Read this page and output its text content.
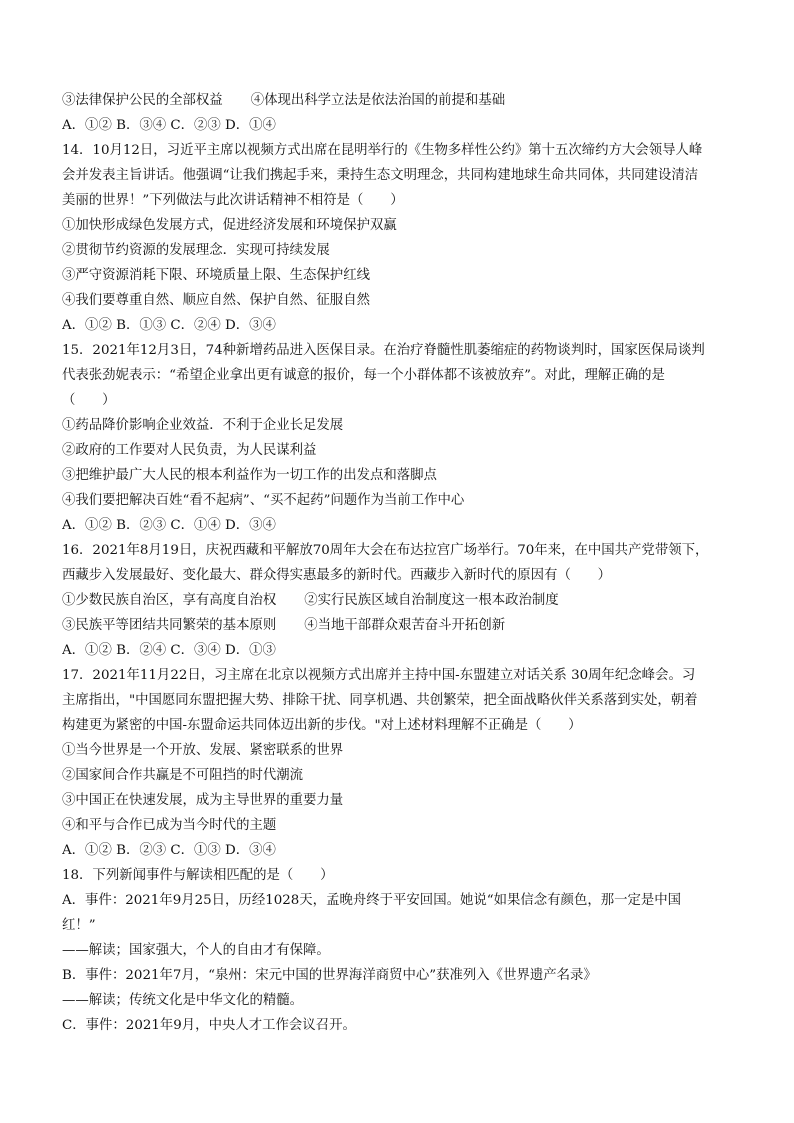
③法律保护公民的全部权益 ④体现出科学立法是依法治国的前提和基础
A．①② B．③④ C．②③ D．①④
14．10月12日，习近平主席以视频方式出席在昆明举行的《生物多样性公约》第十五次缔约方大会领导人峰
会并发表主旨讲话。他强调“让我们携起手来，秉持生态文明理念，共同构建地球生命共同体，共同建设清洁
美丽的世界！”下列做法与此次讲话精神不相符是（　　）
①加快形成绿色发展方式，促进经济发展和环境保护双赢
②贯彻节约资源的发展理念．实现可持续发展
③严守资源消耗下限、环境质量上限、生态保护红线
④我们要尊重自然、顺应自然、保护自然、征服自然
A．①② B．①③ C．②④ D．③④
15．2021年12月3日，74种新增药品进入医保目录。在治疗脊髓性肌萎缩症的药物谈判时，国家医保局谈判
代表张劲妮表示：“希望企业拿出更有诚意的报价，每一个小群体都不该被放弃”。对此，理解正确的是
（　　）
①药品降价影响企业效益．不利于企业长足发展
②政府的工作要对人民负责，为人民谋利益
③把维护最广大人民的根本利益作为一切工作的出发点和落脚点
④我们要把解决百姓“看不起病”、“买不起药”问题作为当前工作中心
A．①② B．②③ C．①④ D．③④
16．2021年8月19日，庆祝西藏和平解放70周年大会在布达拉宫广场举行。70年来，在中国共产党带领下，
西藏步入发展最好、变化最大、群众得实惠最多的新时代。西藏步入新时代的原因有（　　）
①少数民族自治区，享有高度自治权 ②实行民族区域自治制度这一根本政治制度
③民族平等团结共同繁荣的基本原则 ④当地干部群众艰苦奋斗开拓创新
A．①② B．②④ C．③④ D．①③
17．2021年11月22日，习主席在北京以视频方式出席并主持中国-东盟建立对话关系 30周年纪念峰会。习
主席指出，"中国愿同东盟把握大势、排除干扰、同享机遇、共创繁荣，把全面战略伙伴关系落到实处，朝着
构建更为紧密的中国-东盟命运共同体迈出新的步伐。"对上述材料理解不正确是（　　）
①当今世界是一个开放、发展、紧密联系的世界
②国家间合作共赢是不可阻挡的时代潮流
③中国正在快速发展，成为主导世界的重要力量
④和平与合作已成为当今时代的主题
A．①② B．②③ C．①③ D．③④
18．下列新闻事件与解读相匹配的是（　　）
A．事件：2021年9月25日，历经1028天，孟晚舟终于平安回国。她说“如果信念有颜色，那一定是中国
红！”
——解读；国家强大，个人的自由才有保障。
B．事件：2021年7月，“泉州：宋元中国的世界海洋商贸中心”获准列入《世界遗产名录》
——解读；传统文化是中华文化的精髓。
C．事件：2021年9月，中央人才工作会议召开。
